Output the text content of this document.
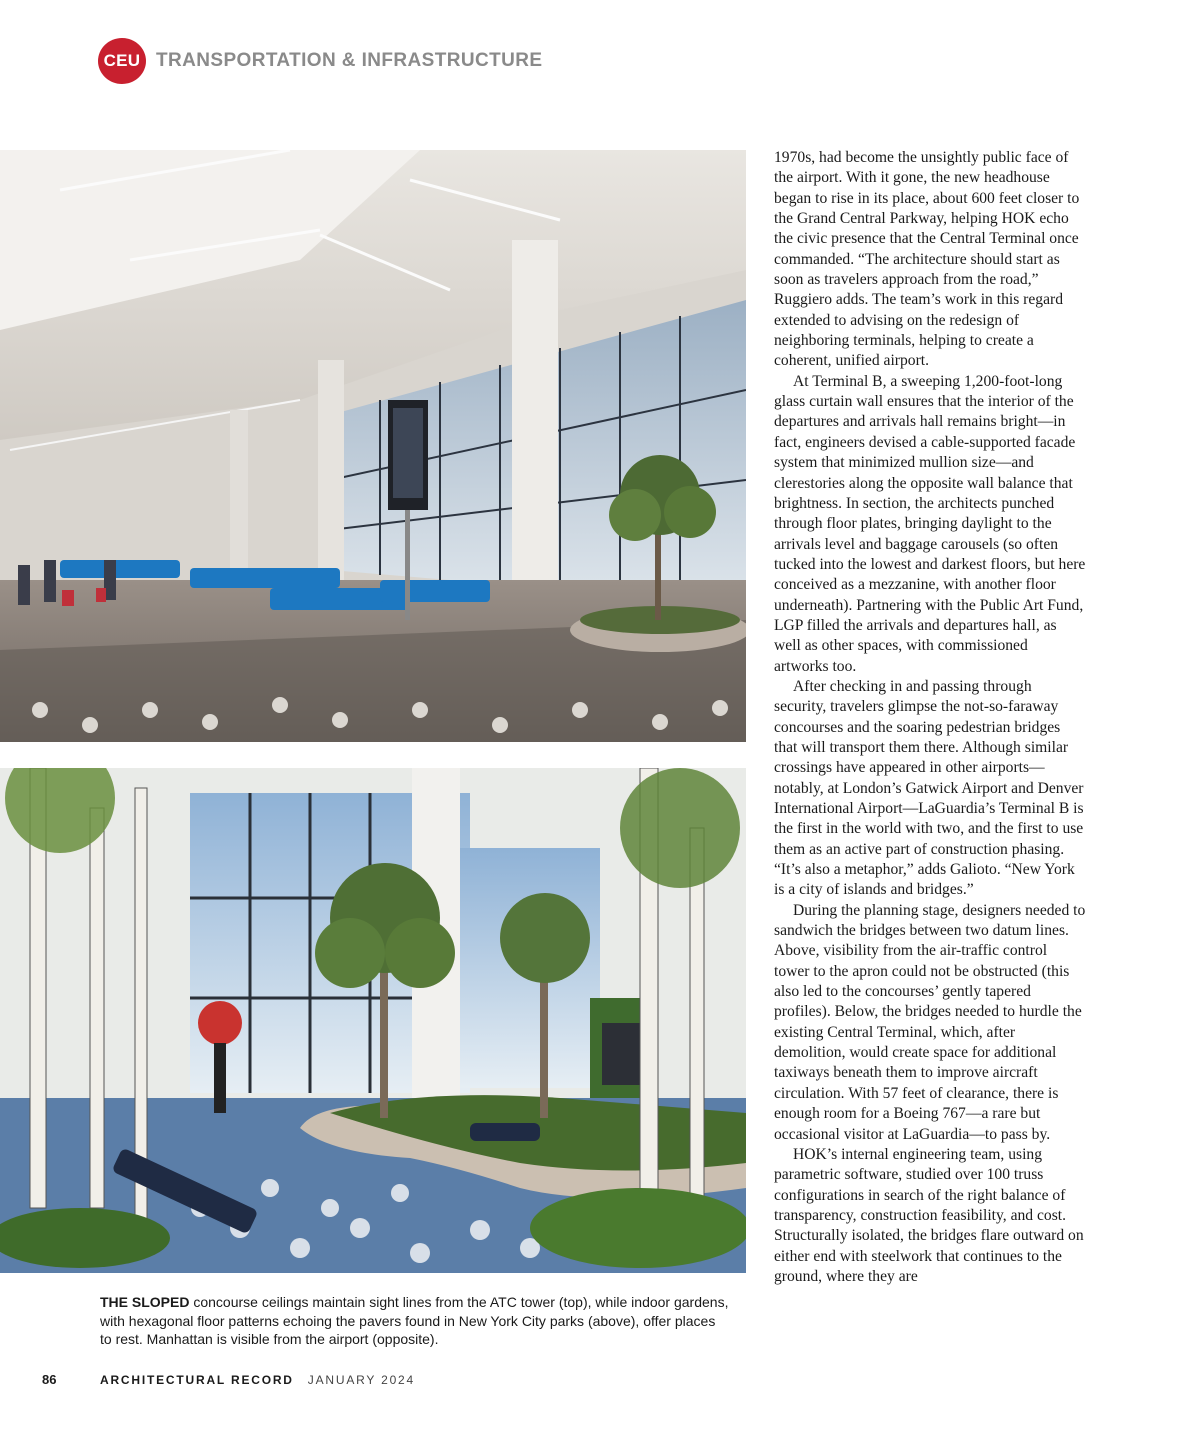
CEU TRANSPORTATION & INFRASTRUCTURE
THE SLOPED concourse ceilings maintain sight lines from the ATC tower (top), while indoor gardens, with hexagonal floor patterns echoing the pavers found in New York City parks (above), offer places to rest. Manhattan is visible from the airport (opposite).

1970s, had become the unsightly public face of the airport. With it gone, the new headhouse began to rise in its place, about 600 feet closer to the Grand Central Parkway, helping HOK echo the civic presence that the Central Terminal once commanded. “The architecture should start as soon as travelers approach from the road,” Ruggiero adds. The team’s work in this regard extended to advising on the redesign of neighboring terminals, helping to create a coherent, unified airport.

At Terminal B, a sweeping 1,200-foot-long glass curtain wall ensures that the interior of the departures and arrivals hall remains bright—in fact, engineers devised a cable-supported facade system that minimized mullion size—and clerestories along the opposite wall balance that brightness. In section, the architects punched through floor plates, bringing daylight to the arrivals level and baggage carousels (so often tucked into the lowest and darkest floors, but here conceived as a mezzanine, with another floor underneath). Partnering with the Public Art Fund, LGP filled the arrivals and departures hall, as well as other spaces, with commissioned artworks too.

After checking in and passing through security, travelers glimpse the not-so-faraway concourses and the soaring pedestrian bridges that will transport them there. Although similar crossings have appeared in other airports—notably, at London’s Gatwick Airport and Denver International Airport—LaGuardia’s Terminal B is the first in the world with two, and the first to use them as an active part of construction phasing. “It’s also a metaphor,” adds Galioto. “New York is a city of islands and bridges.”

During the planning stage, designers needed to sandwich the bridges between two datum lines. Above, visibility from the air-traffic control tower to the apron could not be obstructed (this also led to the concourses’ gently tapered profiles). Below, the bridges needed to hurdle the existing Central Terminal, which, after demolition, would create space for additional taxiways beneath them to improve aircraft circulation. With 57 feet of clearance, there is enough room for a Boeing 767—a rare but occasional visitor at LaGuardia—to pass by.

HOK’s internal engineering team, using parametric software, studied over 100 truss configurations in search of the right balance of transparency, construction feasibility, and cost. Structurally isolated, the bridges flare outward on either end with steelwork that continues to the ground, where they are

86	ARCHITECTURAL RECORD JANUARY 2024
